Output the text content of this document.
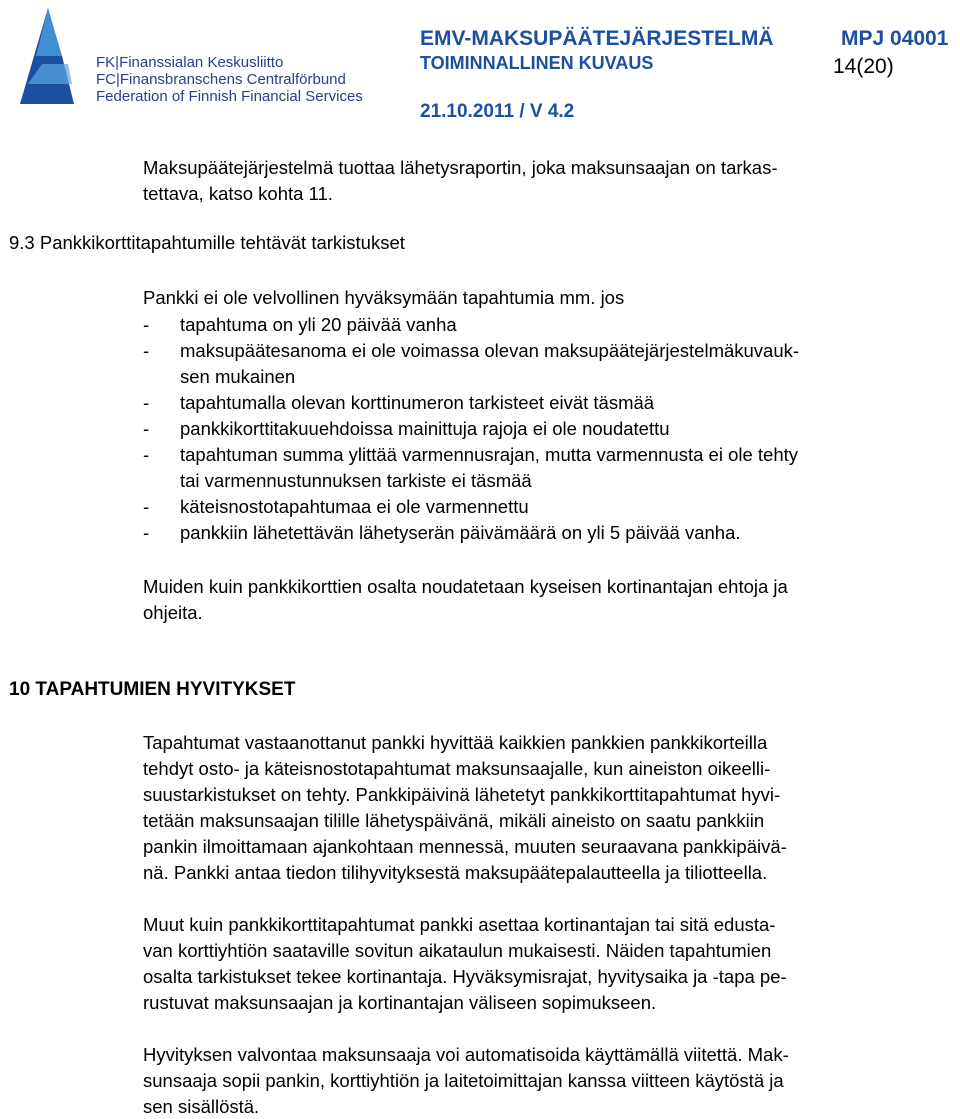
FK|Finanssialan Keskusliitto
FC|Finansbranschens Centralförbund
Federation of Finnish Financial Services
EMV-MAKSUPÄÄTEJÄRJESTELMÄ	MPJ 04001
TOIMINNALLINEN KUVAUS	14(20)
21.10.2011 / V 4.2
Maksupäätejärjestelmä tuottaa lähetysraportin, joka maksunsaajan on tarkas-
tettava, katso kohta 11.
9.3 Pankkikorttitapahtumille tehtävät tarkistukset
Pankki ei ole velvollinen hyväksymään tapahtumia mm. jos
- tapahtuma on yli 20 päivää vanha
- maksupäätesanoma ei ole voimassa olevan maksupäätejärjestelmäkuvauk-
sen mukainen
- tapahtumalla olevan korttinumeron tarkisteet eivät täsmää
- pankkikorttitakuuehdoissa mainittuja rajoja ei ole noudatettu
- tapahtuman summa ylittää varmennusrajan, mutta varmennusta ei ole tehty
tai varmennustunnuksen tarkiste ei täsmää
- käteisnostotapahtumaa ei ole varmennettu
- pankkiin lähetettävän lähetyserän päivämäärä on yli 5 päivää vanha.
Muiden kuin pankkikorttien osalta noudatetaan kyseisen kortinantajan ehtoja ja
ohjeita.
10 TAPAHTUMIEN HYVITYKSET
Tapahtumat vastaanottanut pankki hyvittää kaikkien pankkien pankkikorteilla
tehdyt osto- ja käteisnostotapahtumat maksunsaajalle, kun aineiston oikeelli-
suustarkistukset on tehty. Pankkipäivinä lähetetyt pankkikorttitapahtumat hyvi-
tetään maksunsaajan tilille lähetyspäivänä, mikäli aineisto on saatu pankkiin
pankin ilmoittamaan ajankohtaan mennessä, muuten seuraavana pankkipäivä-
nä. Pankki antaa tiedon tilihyvityksestä maksupäätepalautteella ja tiliotteella.
Muut kuin pankkikorttitapahtumat pankki asettaa kortinantajan tai sitä edusta-
van korttiyhtiön saataville sovitun aikataulun mukaisesti. Näiden tapahtumien
osalta tarkistukset tekee kortinantaja. Hyväksymisrajat, hyvitysaika ja -tapa pe-
rustuvat maksunsaajan ja kortinantajan väliseen sopimukseen.
Hyvityksen valvontaa maksunsaaja voi automatisoida käyttämällä viitettä. Mak-
sunsaaja sopii pankin, korttiyhtiön ja laitetoimittajan kanssa viitteen käytöstä ja
sen sisällöstä.
